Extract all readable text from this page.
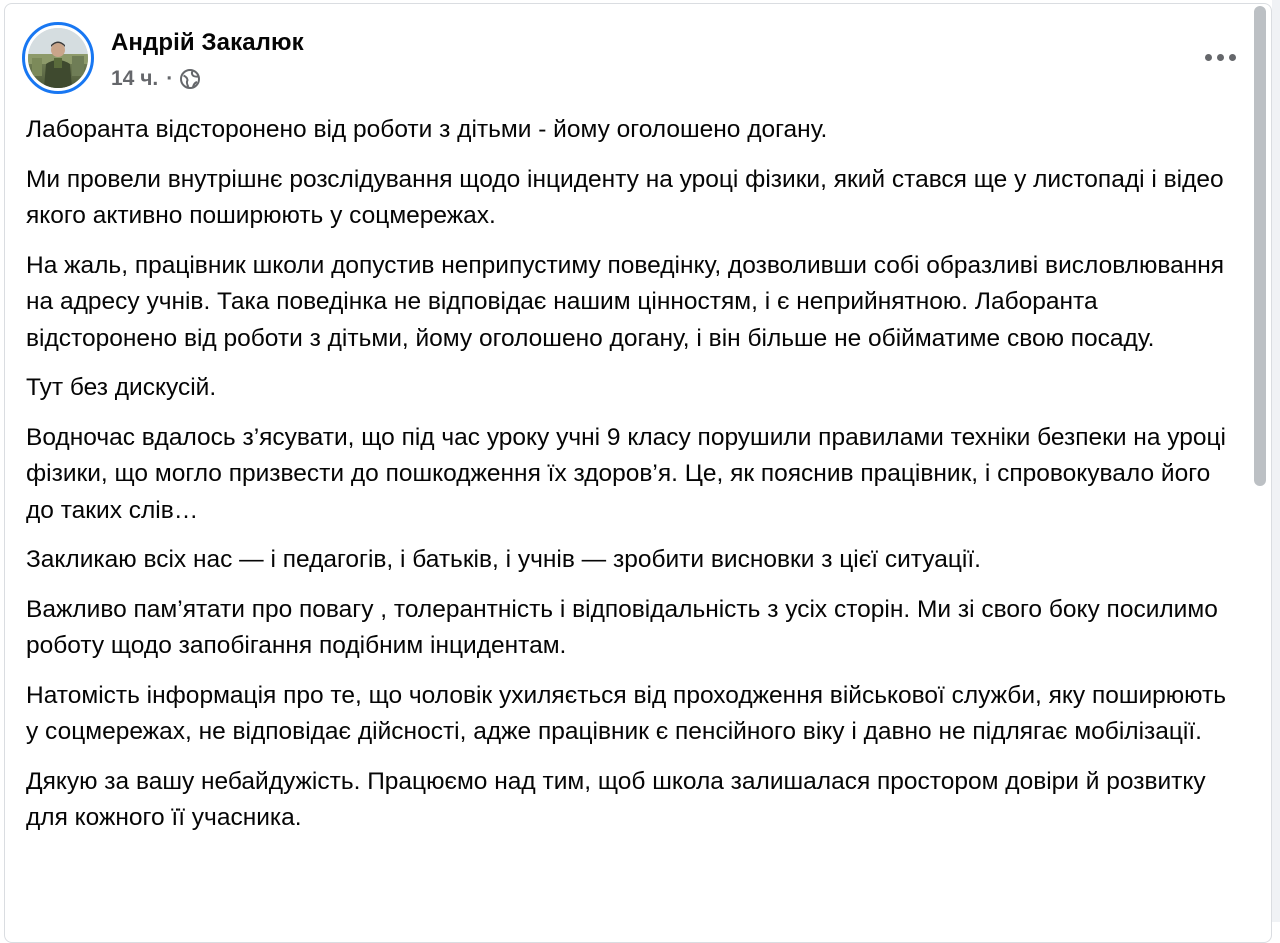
Андрій Закалюк
14 ч. ·

Лаборанта відсторонено від роботи з дітьми - йому оголошено догану.

Ми провели внутрішнє розслідування щодо інциденту на уроці фізики, який стався ще у листопаді і відео якого активно поширюють у соцмережах.

На жаль, працівник школи допустив неприпустиму поведінку, дозволивши собі образливі висловлювання на адресу учнів. Така поведінка не відповідає нашим цінностям, і є неприйнятною. Лаборанта відсторонено від роботи з дітьми, йому оголошено догану, і він більше не обійматиме свою посаду.

Тут без дискусій.

Водночас вдалось з’ясувати, що під час уроку учні 9 класу порушили правилами техніки безпеки на уроці фізики, що могло призвести до пошкодження їх здоров’я. Це, як пояснив працівник, і спровокувало його до таких слів…

Закликаю всіх нас — і педагогів, і батьків, і учнів — зробити висновки з цієї ситуації.

Важливо пам’ятати про повагу , толерантність і відповідальність з усіх сторін. Ми зі свого боку посилимо роботу щодо запобігання подібним інцидентам.

Натомість інформація про те, що чоловік ухиляється від проходження військової служби, яку поширюють у соцмережах, не відповідає дійсності, адже працівник є пенсійного віку і давно не підлягає мобілізації.

Дякую за вашу небайдужість. Працюємо над тим, щоб школа залишалася простором довіри й розвитку для кожного її учасника.
